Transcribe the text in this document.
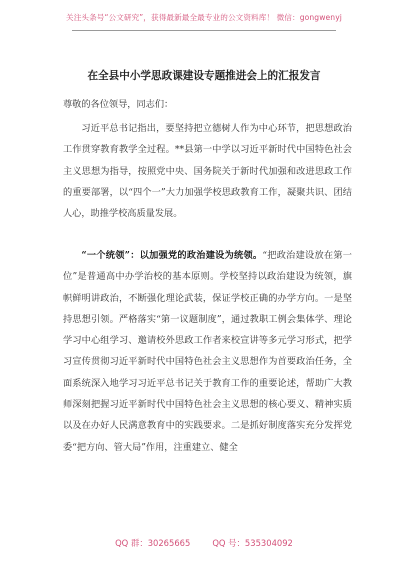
关注头条号“公文研究”，获得最新最全最专业的公文资料库！ 微信：gongwenyj
在全县中小学思政课建设专题推进会上的汇报发言
尊敬的各位领导，同志们：

习近平总书记指出，要坚持把立德树人作为中心环节，把思想政治工作贯穿教育教学全过程。**县第一中学以习近平新时代中国特色社会主义思想为指导，按照党中央、国务院关于新时代加强和改进思政工作的重要部署，以“四个一”大力加强学校思政教育工作，凝聚共识、团结人心，助推学校高质量发展。

“一个统领”：以加强党的政治建设为统领。“把政治建设放在第一位”是普通高中办学治校的基本原则。学校坚持以政治建设为统领，旗帜鲜明讲政治，不断强化理论武装，保证学校正确的办学方向。一是坚持思想引领。严格落实“第一议题制度”，通过教职工例会集体学、理论学习中心组学习、邀请校外思政工作者来校宣讲等多元学习形式，把学习宣传贯彻习近平新时代中国特色社会主义思想作为首要政治任务，全面系统深入地学习习近平总书记关于教育工作的重要论述，帮助广大教师深刻把握习近平新时代中国特色社会主义思想的核心要义、精神实质以及在办好人民满意教育中的实践要求。二是抓好制度落实充分发挥党委“把方向、管大局”作用，注重建立、健全

QQ 群：30265665	QQ 号：535304092
